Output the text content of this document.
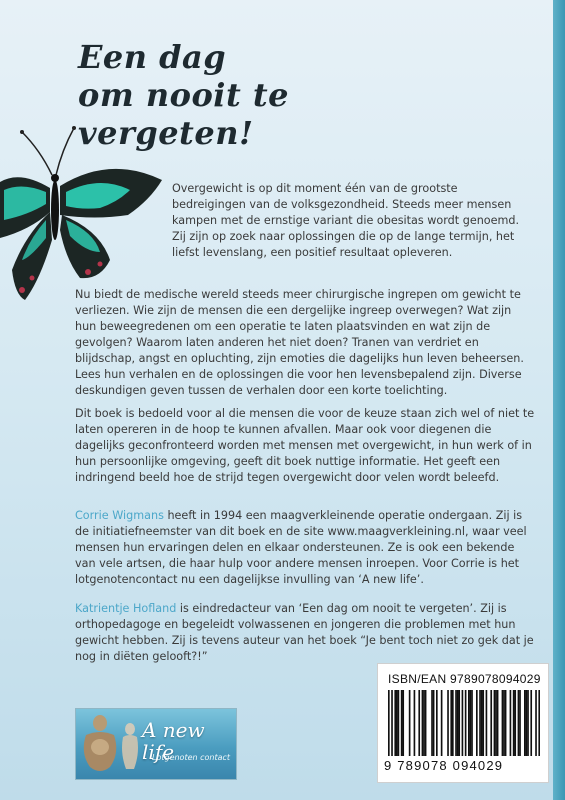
Een dag
om nooit te
vergeten!

Overgewicht is op dit moment één van de grootste bedreigingen van de volksgezondheid. Steeds meer mensen kampen met de ernstige variant die obesitas wordt genoemd. Zij zijn op zoek naar oplossingen die op de lange termijn, het liefst levenslang, een positief resultaat opleveren.

Nu biedt de medische wereld steeds meer chirurgische ingrepen om gewicht te verliezen. Wie zijn de mensen die een dergelijke ingreep overwegen? Wat zijn hun beweegredenen om een operatie te laten plaatsvinden en wat zijn de gevolgen? Waarom laten anderen het niet doen? Tranen van verdriet en blijdschap, angst en opluchting, zijn emoties die dagelijks hun leven beheersen. Lees hun verhalen en de oplossingen die voor hen levensbepalend zijn. Diverse deskundigen geven tussen de verhalen door een korte toelichting.

Dit boek is bedoeld voor al die mensen die voor de keuze staan zich wel of niet te laten opereren in de hoop te kunnen afvallen. Maar ook voor diegenen die dagelijks geconfronteerd worden met mensen met overgewicht, in hun werk of in hun persoonlijke omgeving, geeft dit boek nuttige informatie. Het geeft een indringend beeld hoe de strijd tegen overgewicht door velen wordt beleefd.

Corrie Wigmans heeft in 1994 een maagverkleinende operatie ondergaan. Zij is de initiatiefneemster van dit boek en de site www.maagverkleining.nl, waar veel mensen hun ervaringen delen en elkaar ondersteunen. Ze is ook een bekende van vele artsen, die haar hulp voor andere mensen inroepen. Voor Corrie is het lotgenotencontact nu een dagelijkse invulling van ‘A new life’.

Katrientje Hofland is eindredacteur van ‘Een dag om nooit te vergeten’. Zij is orthopedagoge en begeleidt volwassenen en jongeren die problemen met hun gewicht hebben. Zij is tevens auteur van het boek “Je bent toch niet zo gek dat je nog in diëten gelooft?!”

A new life
Lotgenoten contact
ISBN/EAN 9789078094029
9 789078 094029
